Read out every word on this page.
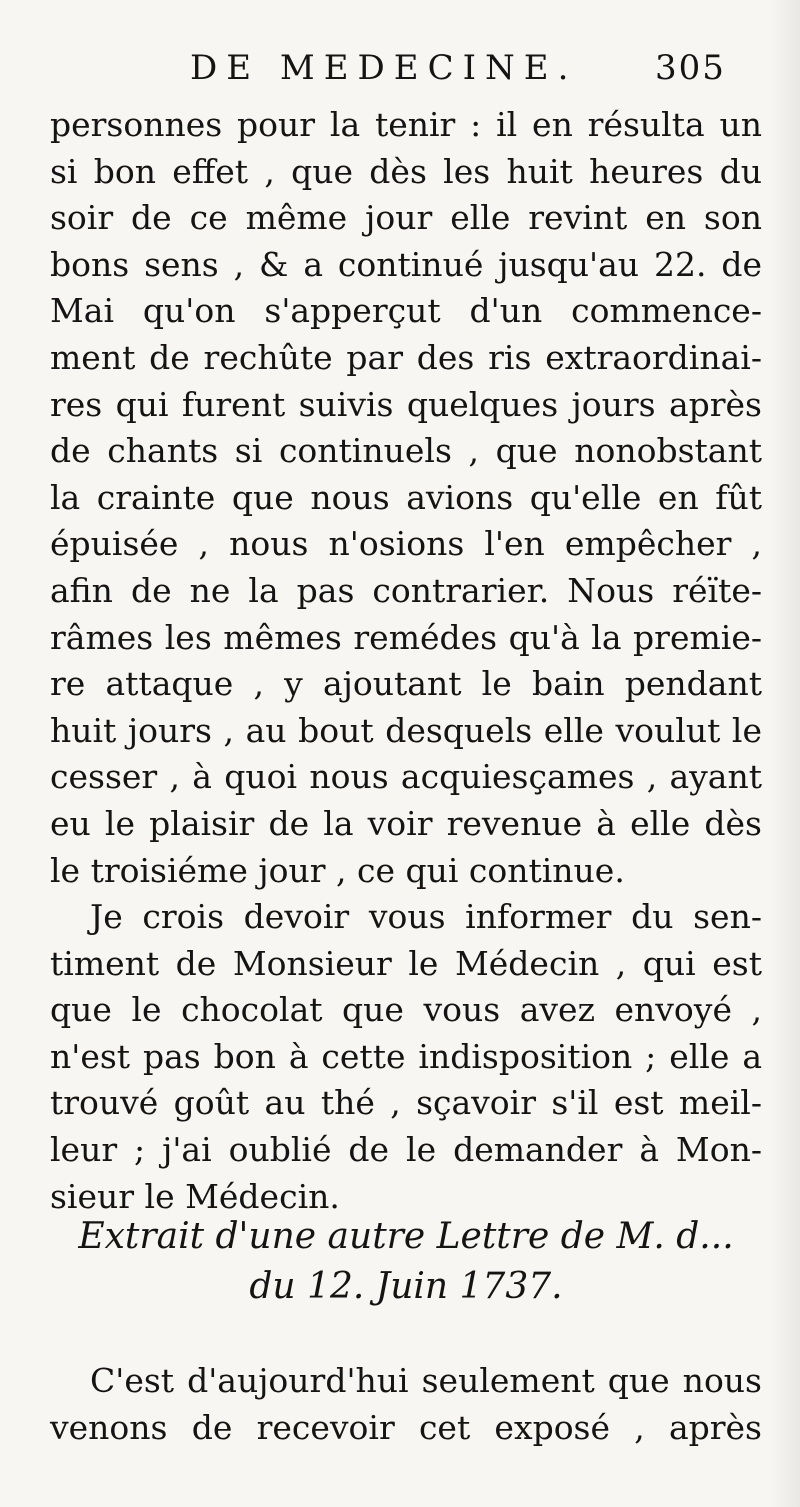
DE MEDECINE. 305
personnes pour la tenir : il en résulta un
si bon effet , que dès les huit heures du
soir de ce même jour elle revint en son
bons sens , & a continué jusqu'au 22. de
Mai qu'on s'apperçut d'un commence-
ment de rechûte par des ris extraordinai-
res qui furent suivis quelques jours après
de chants si continuels , que nonobstant
la crainte que nous avions qu'elle en fût
épuisée , nous n'osions l'en empêcher ,
afin de ne la pas contrarier. Nous réïte-
râmes les mêmes remédes qu'à la premie-
re attaque , y ajoutant le bain pendant
huit jours , au bout desquels elle voulut le
cesser , à quoi nous acquiesçames , ayant
eu le plaisir de la voir revenue à elle dès
le troisiéme jour , ce qui continue.
Je crois devoir vous informer du sen-
timent de Monsieur le Médecin , qui est
que le chocolat que vous avez envoyé ,
n'est pas bon à cette indisposition ; elle a
trouvé goût au thé , sçavoir s'il est meil-
leur ; j'ai oublié de le demander à Mon-
sieur le Médecin.
Extrait d'une autre Lettre de M. d...
du 12. Juin 1737.
C'est d'aujourd'hui seulement que nous
venons de recevoir cet exposé , après
